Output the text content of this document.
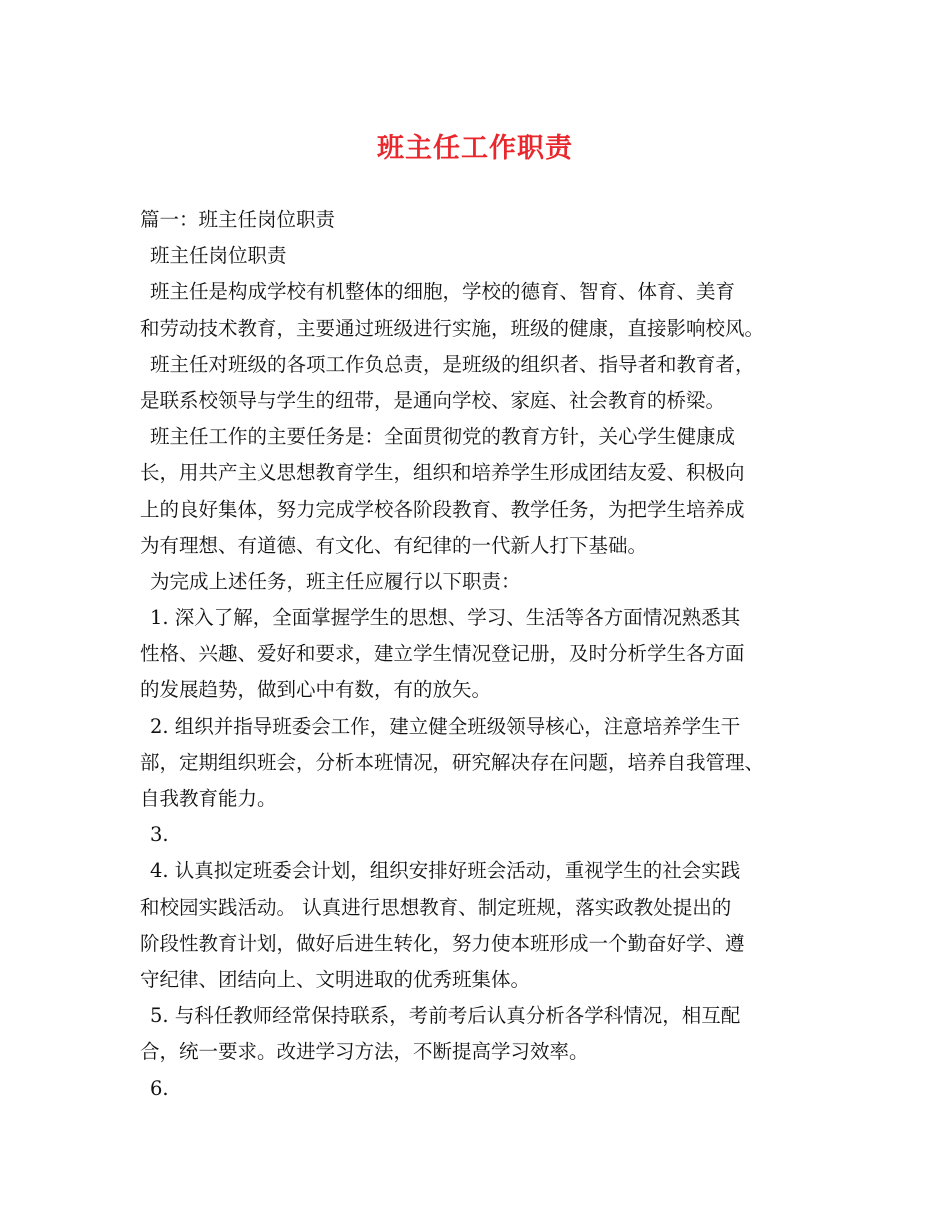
班主任工作职责
篇一：班主任岗位职责
班主任岗位职责
班主任是构成学校有机整体的细胞，学校的德育、智育、体育、美育
和劳动技术教育，主要通过班级进行实施，班级的健康，直接影响校风。
班主任对班级的各项工作负总责，是班级的组织者、指导者和教育者，
是联系校领导与学生的纽带，是通向学校、家庭、社会教育的桥梁。
班主任工作的主要任务是：全面贯彻党的教育方针，关心学生健康成
长，用共产主义思想教育学生，组织和培养学生形成团结友爱、积极向
上的良好集体，努力完成学校各阶段教育、教学任务，为把学生培养成
为有理想、有道德、有文化、有纪律的一代新人打下基础。
为完成上述任务，班主任应履行以下职责：
1. 深入了解，全面掌握学生的思想、学习、生活等各方面情况熟悉其
性格、兴趣、爱好和要求，建立学生情况登记册，及时分析学生各方面
的发展趋势，做到心中有数，有的放矢。
2. 组织并指导班委会工作，建立健全班级领导核心，注意培养学生干
部，定期组织班会，分析本班情况，研究解决存在问题，培养自我管理、
自我教育能力。
3.
4. 认真拟定班委会计划，组织安排好班会活动，重视学生的社会实践
和校园实践活动。 认真进行思想教育、制定班规，落实政教处提出的
阶段性教育计划，做好后进生转化，努力使本班形成一个勤奋好学、遵
守纪律、团结向上、文明进取的优秀班集体。
5. 与科任教师经常保持联系，考前考后认真分析各学科情况，相互配
合，统一要求。改进学习方法，不断提高学习效率。
6.
